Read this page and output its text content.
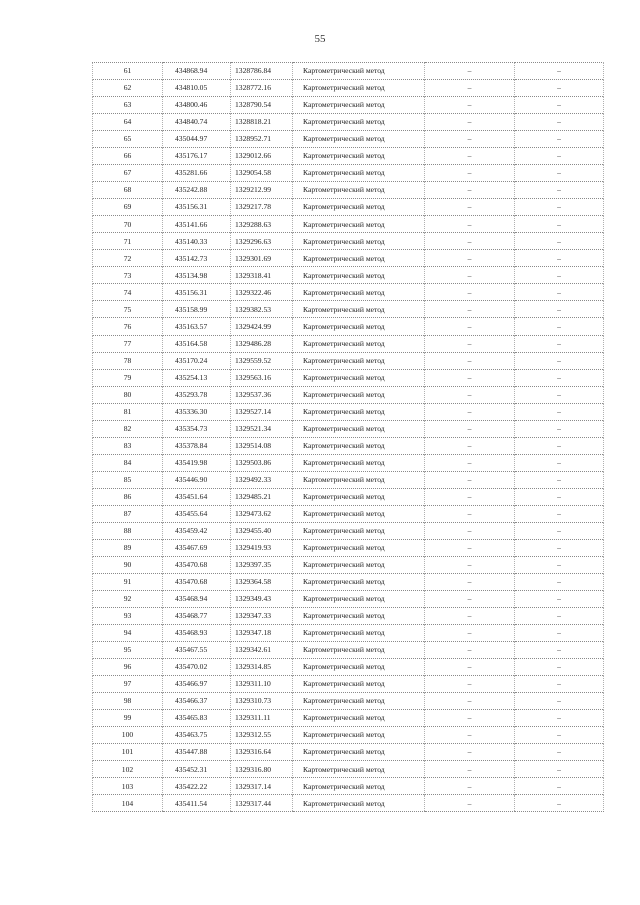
55
61	434868.94	1328786.84	Картометрический метод	–	–
62	434810.05	1328772.16	Картометрический метод	–	–
63	434800.46	1328790.54	Картометрический метод	–	–
64	434840.74	1328818.21	Картометрический метод	–	–
65	435044.97	1328952.71	Картометрический метод	–	–
66	435176.17	1329012.66	Картометрический метод	–	–
67	435281.66	1329054.58	Картометрический метод	–	–
68	435242.88	1329212.99	Картометрический метод	–	–
69	435156.31	1329217.78	Картометрический метод	–	–
70	435141.66	1329288.63	Картометрический метод	–	–
71	435140.33	1329296.63	Картометрический метод	–	–
72	435142.73	1329301.69	Картометрический метод	–	–
73	435134.98	1329318.41	Картометрический метод	–	–
74	435156.31	1329322.46	Картометрический метод	–	–
75	435158.99	1329382.53	Картометрический метод	–	–
76	435163.57	1329424.99	Картометрический метод	–	–
77	435164.58	1329486.28	Картометрический метод	–	–
78	435170.24	1329559.52	Картометрический метод	–	–
79	435254.13	1329563.16	Картометрический метод	–	–
80	435293.78	1329537.36	Картометрический метод	–	–
81	435336.30	1329527.14	Картометрический метод	–	–
82	435354.73	1329521.34	Картометрический метод	–	–
83	435378.84	1329514.08	Картометрический метод	–	–
84	435419.98	1329503.86	Картометрический метод	–	–
85	435446.90	1329492.33	Картометрический метод	–	–
86	435451.64	1329485.21	Картометрический метод	–	–
87	435455.64	1329473.62	Картометрический метод	–	–
88	435459.42	1329455.40	Картометрический метод	–	–
89	435467.69	1329419.93	Картометрический метод	–	–
90	435470.68	1329397.35	Картометрический метод	–	–
91	435470.68	1329364.58	Картометрический метод	–	–
92	435468.94	1329349.43	Картометрический метод	–	–
93	435468.77	1329347.33	Картометрический метод	–	–
94	435468.93	1329347.18	Картометрический метод	–	–
95	435467.55	1329342.61	Картометрический метод	–	–
96	435470.02	1329314.85	Картометрический метод	–	–
97	435466.97	1329311.10	Картометрический метод	–	–
98	435466.37	1329310.73	Картометрический метод	–	–
99	435465.83	1329311.11	Картометрический метод	–	–
100	435463.75	1329312.55	Картометрический метод	–	–
101	435447.88	1329316.64	Картометрический метод	–	–
102	435452.31	1329316.80	Картометрический метод	–	–
103	435422.22	1329317.14	Картометрический метод	–	–
104	435411.54	1329317.44	Картометрический метод	–	–
